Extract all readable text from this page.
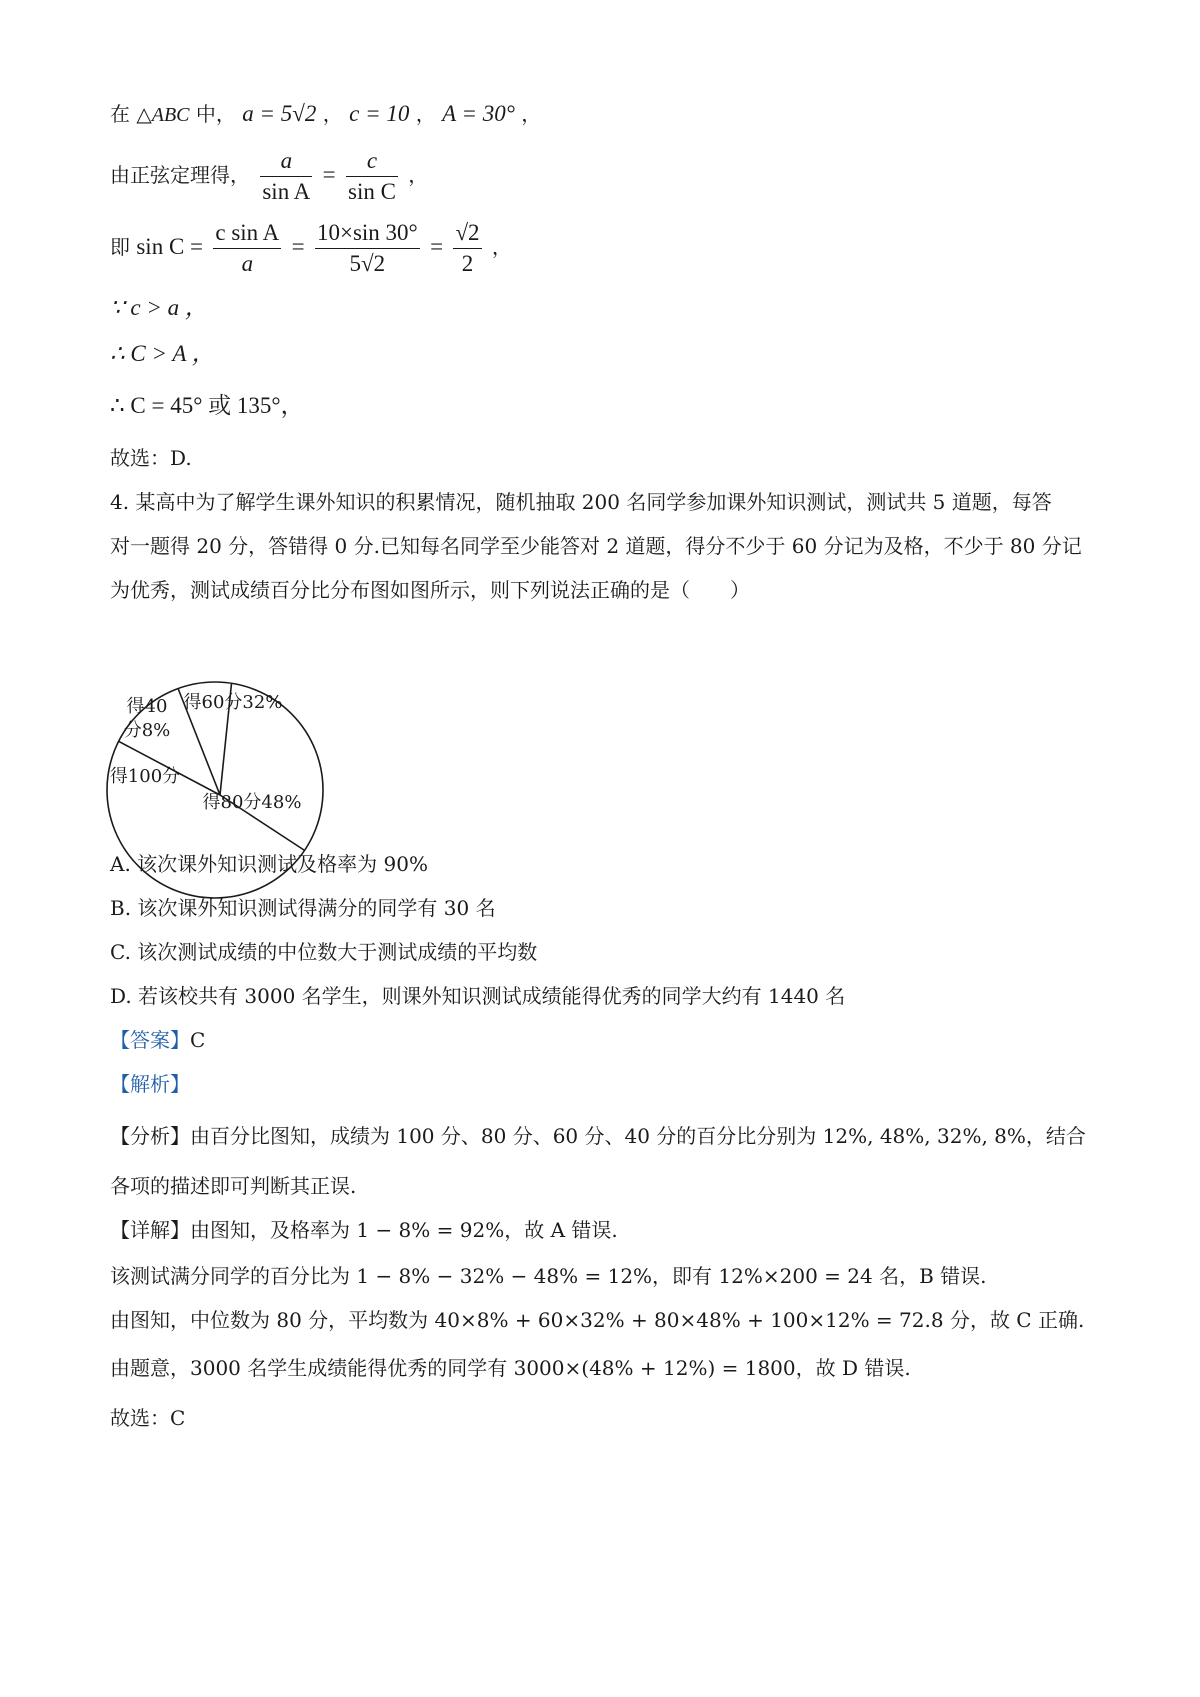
在 △ABC 中， a = 5√2 ， c = 10 ， A = 30° ，
由正弦定理得， $\frac{a}{\text{sin A}} = \frac{c}{\text{sin C}}$ ，
即 $\sin C = \frac{\text{c sin A}}{a} = \frac{10\times\sin 30^\circ}{5√2} = \frac{√2}{2}$ ，
∵ c > a ，
∴ C > A ，
∴ C = 45° 或 135°，
故选：D.
4. 某高中为了解学生课外知识的积累情况，随机抽取 200 名同学参加课外知识测试，测试共 5 道题，每答
对一题得 20 分，答错得 0 分.已知每名同学至少能答对 2 道题，得分不少于 60 分记为及格，不少于 80 分记
为优秀，测试成绩百分比分布图如图所示，则下列说法正确的是（　　）
得40
分8%
得60分32%
得80分48%
得100分
A. 该次课外知识测试及格率为 90%
B. 该次课外知识测试得满分的同学有 30 名
C. 该次测试成绩的中位数大于测试成绩的平均数
D. 若该校共有 3000 名学生，则课外知识测试成绩能得优秀的同学大约有 1440 名
【答案】C
【解析】
【分析】由百分比图知，成绩为 100 分、80 分、60 分、40 分的百分比分别为 12%, 48%, 32%, 8%，结合
各项的描述即可判断其正误.
【详解】由图知，及格率为 1 − 8% = 92%，故 A 错误.
该测试满分同学的百分比为 1 − 8% − 32% − 48% = 12%，即有 12%×200 = 24 名，B 错误.
由图知，中位数为 80 分，平均数为 40×8% + 60×32% + 80×48% + 100×12% = 72.8 分，故 C 正确.
由题意，3000 名学生成绩能得优秀的同学有 3000×(48% + 12%) = 1800，故 D 错误.
故选：C
